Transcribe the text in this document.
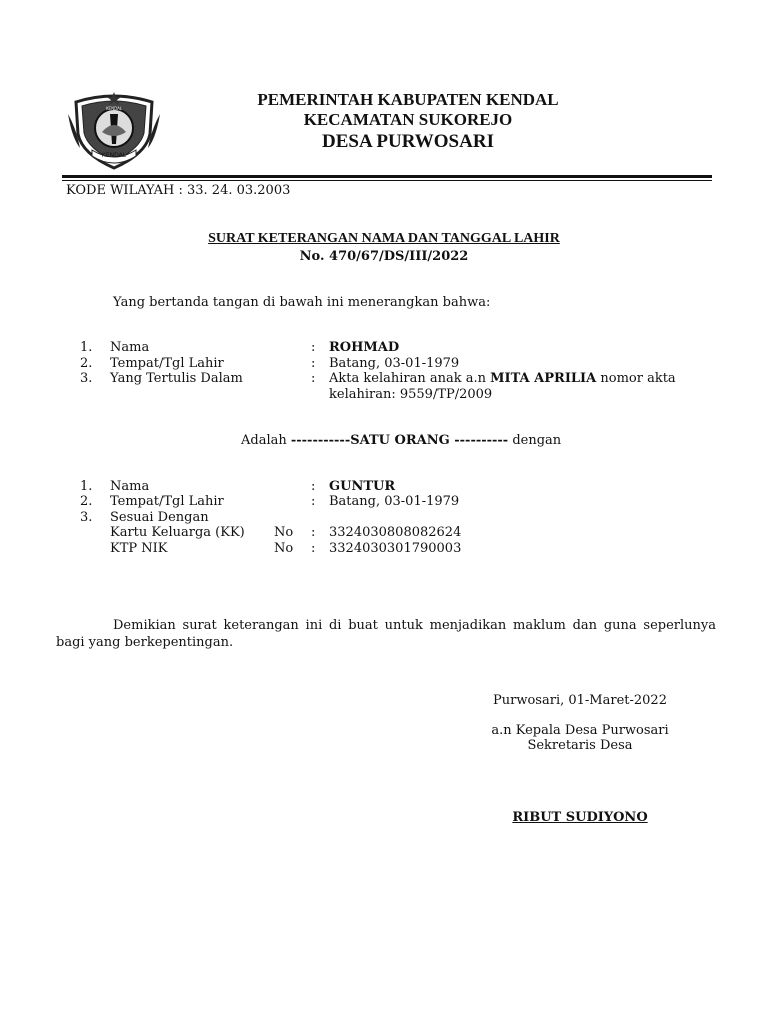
KENDAL
KENDAL	PEMERINTAH KABUPATEN KENDAL
KECAMATAN SUKOREJO
DESA PURWOSARI
KODE WILAYAH : 33. 24. 03.2003
SURAT KETERANGAN NAMA DAN TANGGAL LAHIR
No. 470/67/DS/III/2022
Yang bertanda tangan di bawah ini menerangkan bahwa:
1. Nama	: ROHMAD
2. Tempat/Tgl Lahir	: Batang, 03-01-1979
3. Yang Tertulis Dalam	: Akta kelahiran anak a.n MITA APRILIA nomor akta
kelahiran: 9559/TP/2009
Adalah -----------SATU ORANG ---------- dengan
1. Nama	: GUNTUR
2. Tempat/Tgl Lahir	: Batang, 03-01-1979
3. Sesuai Dengan
Kartu Keluarga (KK) No : 3324030808082624
KTP NIK	No : 3324030301790003
Demikian surat keterangan ini di buat untuk menjadikan maklum dan guna seperlunya bagi yang berkepentingan.
Purwosari, 01-Maret-2022
a.n Kepala Desa Purwosari
Sekretaris Desa
RIBUT SUDIYONO
